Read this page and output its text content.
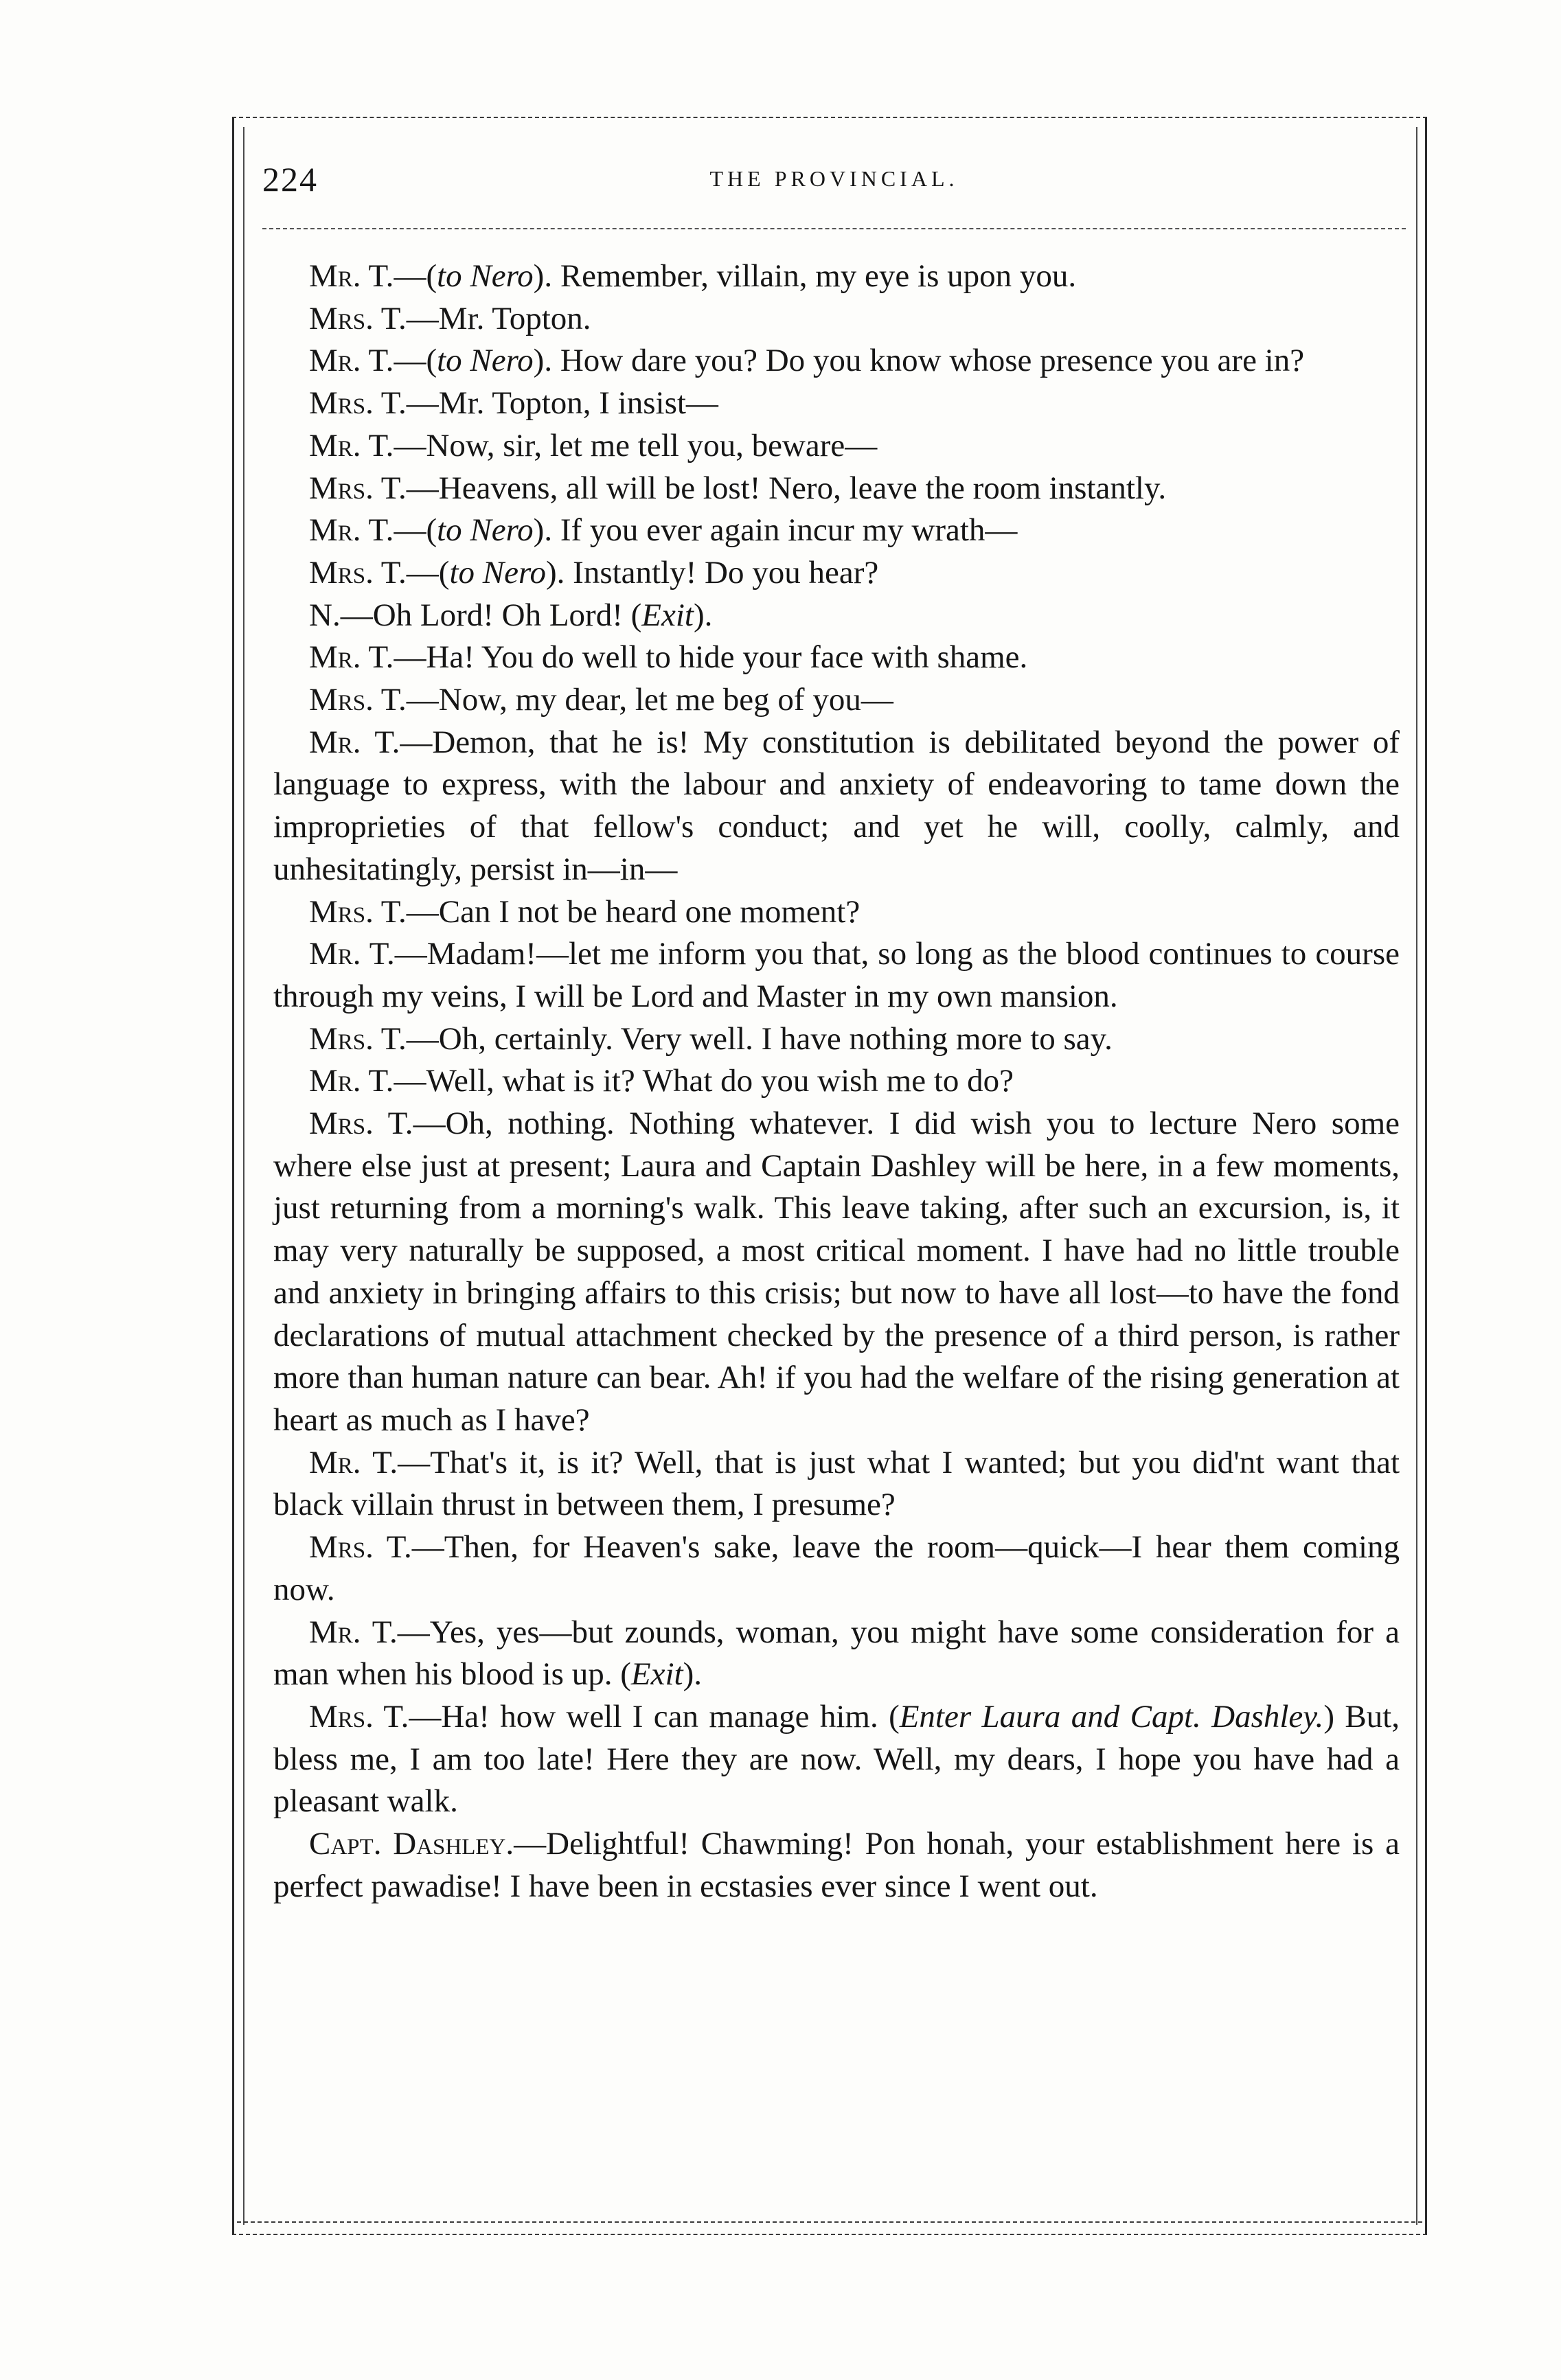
224	THE PROVINCIAL.

Mr. T.—(to Nero). Remember, villain, my eye is upon you.

Mrs. T.—Mr. Topton.

Mr. T.—(to Nero). How dare you? Do you know whose presence you are in?

Mrs. T.—Mr. Topton, I insist—

Mr. T.—Now, sir, let me tell you, beware—

Mrs. T.—Heavens, all will be lost! Nero, leave the room instantly.

Mr. T.—(to Nero). If you ever again incur my wrath—

Mrs. T.—(to Nero). Instantly! Do you hear?

N.—Oh Lord! Oh Lord! (Exit).

Mr. T.—Ha! You do well to hide your face with shame.

Mrs. T.—Now, my dear, let me beg of you—

Mr. T.—Demon, that he is! My constitution is debilitated beyond the power of language to express, with the labour and anxiety of endeavoring to tame down the improprieties of that fellow's conduct; and yet he will, coolly, calmly, and unhesitatingly, persist in—in—

Mrs. T.—Can I not be heard one moment?

Mr. T.—Madam!—let me inform you that, so long as the blood continues to course through my veins, I will be Lord and Master in my own mansion.

Mrs. T.—Oh, certainly. Very well. I have nothing more to say.

Mr. T.—Well, what is it? What do you wish me to do?

Mrs. T.—Oh, nothing. Nothing whatever. I did wish you to lecture Nero some where else just at present; Laura and Captain Dashley will be here, in a few moments, just returning from a morning's walk. This leave taking, after such an excursion, is, it may very naturally be supposed, a most critical moment. I have had no little trouble and anxiety in bringing affairs to this crisis; but now to have all lost—to have the fond declarations of mutual attachment checked by the presence of a third person, is rather more than human nature can bear. Ah! if you had the welfare of the rising generation at heart as much as I have?

Mr. T.—That's it, is it? Well, that is just what I wanted; but you did'nt want that black villain thrust in between them, I presume?

Mrs. T.—Then, for Heaven's sake, leave the room—quick—I hear them coming now.

Mr. T.—Yes, yes—but zounds, woman, you might have some consideration for a man when his blood is up. (Exit).

Mrs. T.—Ha! how well I can manage him. (Enter Laura and Capt. Dashley.) But, bless me, I am too late! Here they are now. Well, my dears, I hope you have had a pleasant walk.

Capt. Dashley.—Delightful! Chawming! Pon honah, your establishment here is a perfect pawadise! I have been in ecstasies ever since I went out.
